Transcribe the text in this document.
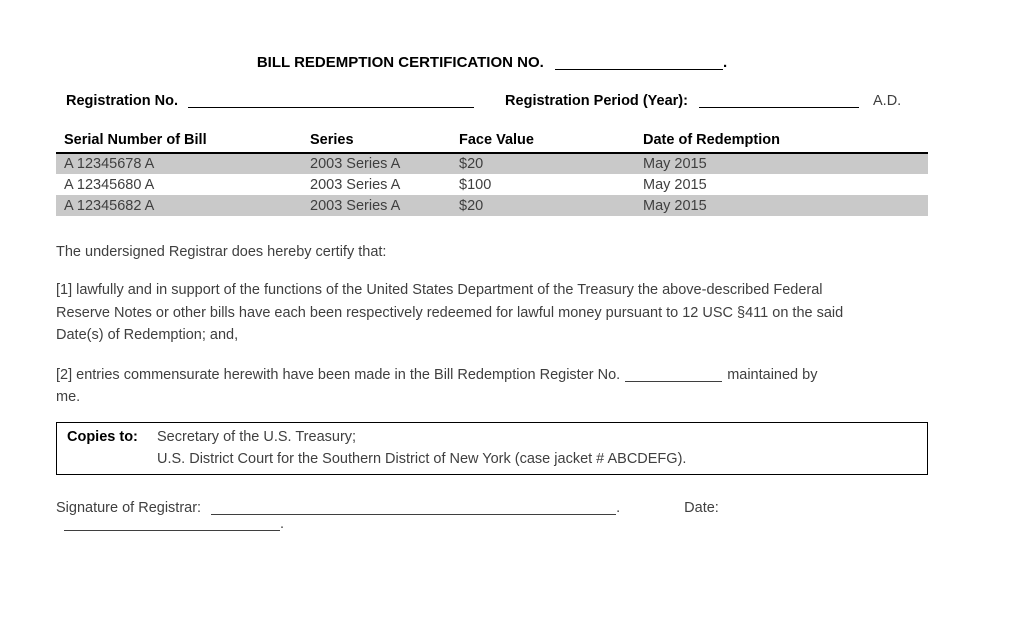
BILL REDEMPTION CERTIFICATION NO.	.
Registration No.	Registration Period (Year):	A.D.
Serial Number of Bill	Series	Face Value	Date of Redemption
A 12345678 A	2003 Series A	$20	May 2015
A 12345680 A	2003 Series A	$100	May 2015
A 12345682 A	2003 Series A	$20	May 2015
The undersigned Registrar does hereby certify that:
[1] lawfully and in support of the functions of the United States Department of the Treasury the above-described Federal
Reserve Notes or other bills have each been respectively redeemed for lawful money pursuant to 12 USC §411 on the said
Date(s) of Redemption; and,
[2] entries commensurate herewith have been made in the Bill Redemption Register No.	maintained by
me.
Copies to:	Secretary of the U.S. Treasury;
U.S. District Court for the Southern District of New York (case jacket # ABCDEFG).
Signature of Registrar:	.	Date: .
